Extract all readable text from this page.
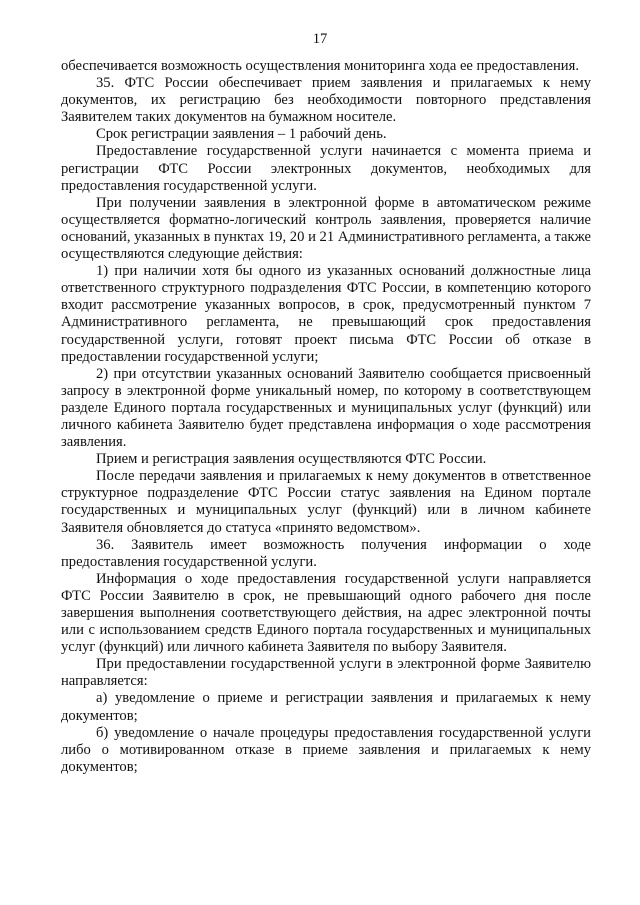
17

обеспечивается возможность осуществления мониторинга хода ее предоставления.

35. ФТС России обеспечивает прием заявления и прилагаемых к нему документов, их регистрацию без необходимости повторного представления Заявителем таких документов на бумажном носителе.

Срок регистрации заявления – 1 рабочий день.

Предоставление государственной услуги начинается с момента приема и регистрации ФТС России электронных документов, необходимых для предоставления государственной услуги.

При получении заявления в электронной форме в автоматическом режиме осуществляется форматно-логический контроль заявления, проверяется наличие оснований, указанных в пунктах 19, 20 и 21 Административного регламента, а также осуществляются следующие действия:

1) при наличии хотя бы одного из указанных оснований должностные лица ответственного структурного подразделения ФТС России, в компетенцию которого входит рассмотрение указанных вопросов, в срок, предусмотренный пунктом 7 Административного регламента, не превышающий срок предоставления государственной услуги, готовят проект письма ФТС России об отказе в предоставлении государственной услуги;

2) при отсутствии указанных оснований Заявителю сообщается присвоенный запросу в электронной форме уникальный номер, по которому в соответствующем разделе Единого портала государственных и муниципальных услуг (функций) или личного кабинета Заявителю будет представлена информация о ходе рассмотрения заявления.

Прием и регистрация заявления осуществляются ФТС России.

После передачи заявления и прилагаемых к нему документов в ответственное структурное подразделение ФТС России статус заявления на Едином портале государственных и муниципальных услуг (функций) или в личном кабинете Заявителя обновляется до статуса «принято ведомством».

36. Заявитель имеет возможность получения информации о ходе предоставления государственной услуги.

Информация о ходе предоставления государственной услуги направляется ФТС России Заявителю в срок, не превышающий одного рабочего дня после завершения выполнения соответствующего действия, на адрес электронной почты или с использованием средств Единого портала государственных и муниципальных услуг (функций) или личного кабинета Заявителя по выбору Заявителя.

При предоставлении государственной услуги в электронной форме Заявителю направляется:

а) уведомление о приеме и регистрации заявления и прилагаемых к нему документов;

б) уведомление о начале процедуры предоставления государственной услуги либо о мотивированном отказе в приеме заявления и прилагаемых к нему документов;
